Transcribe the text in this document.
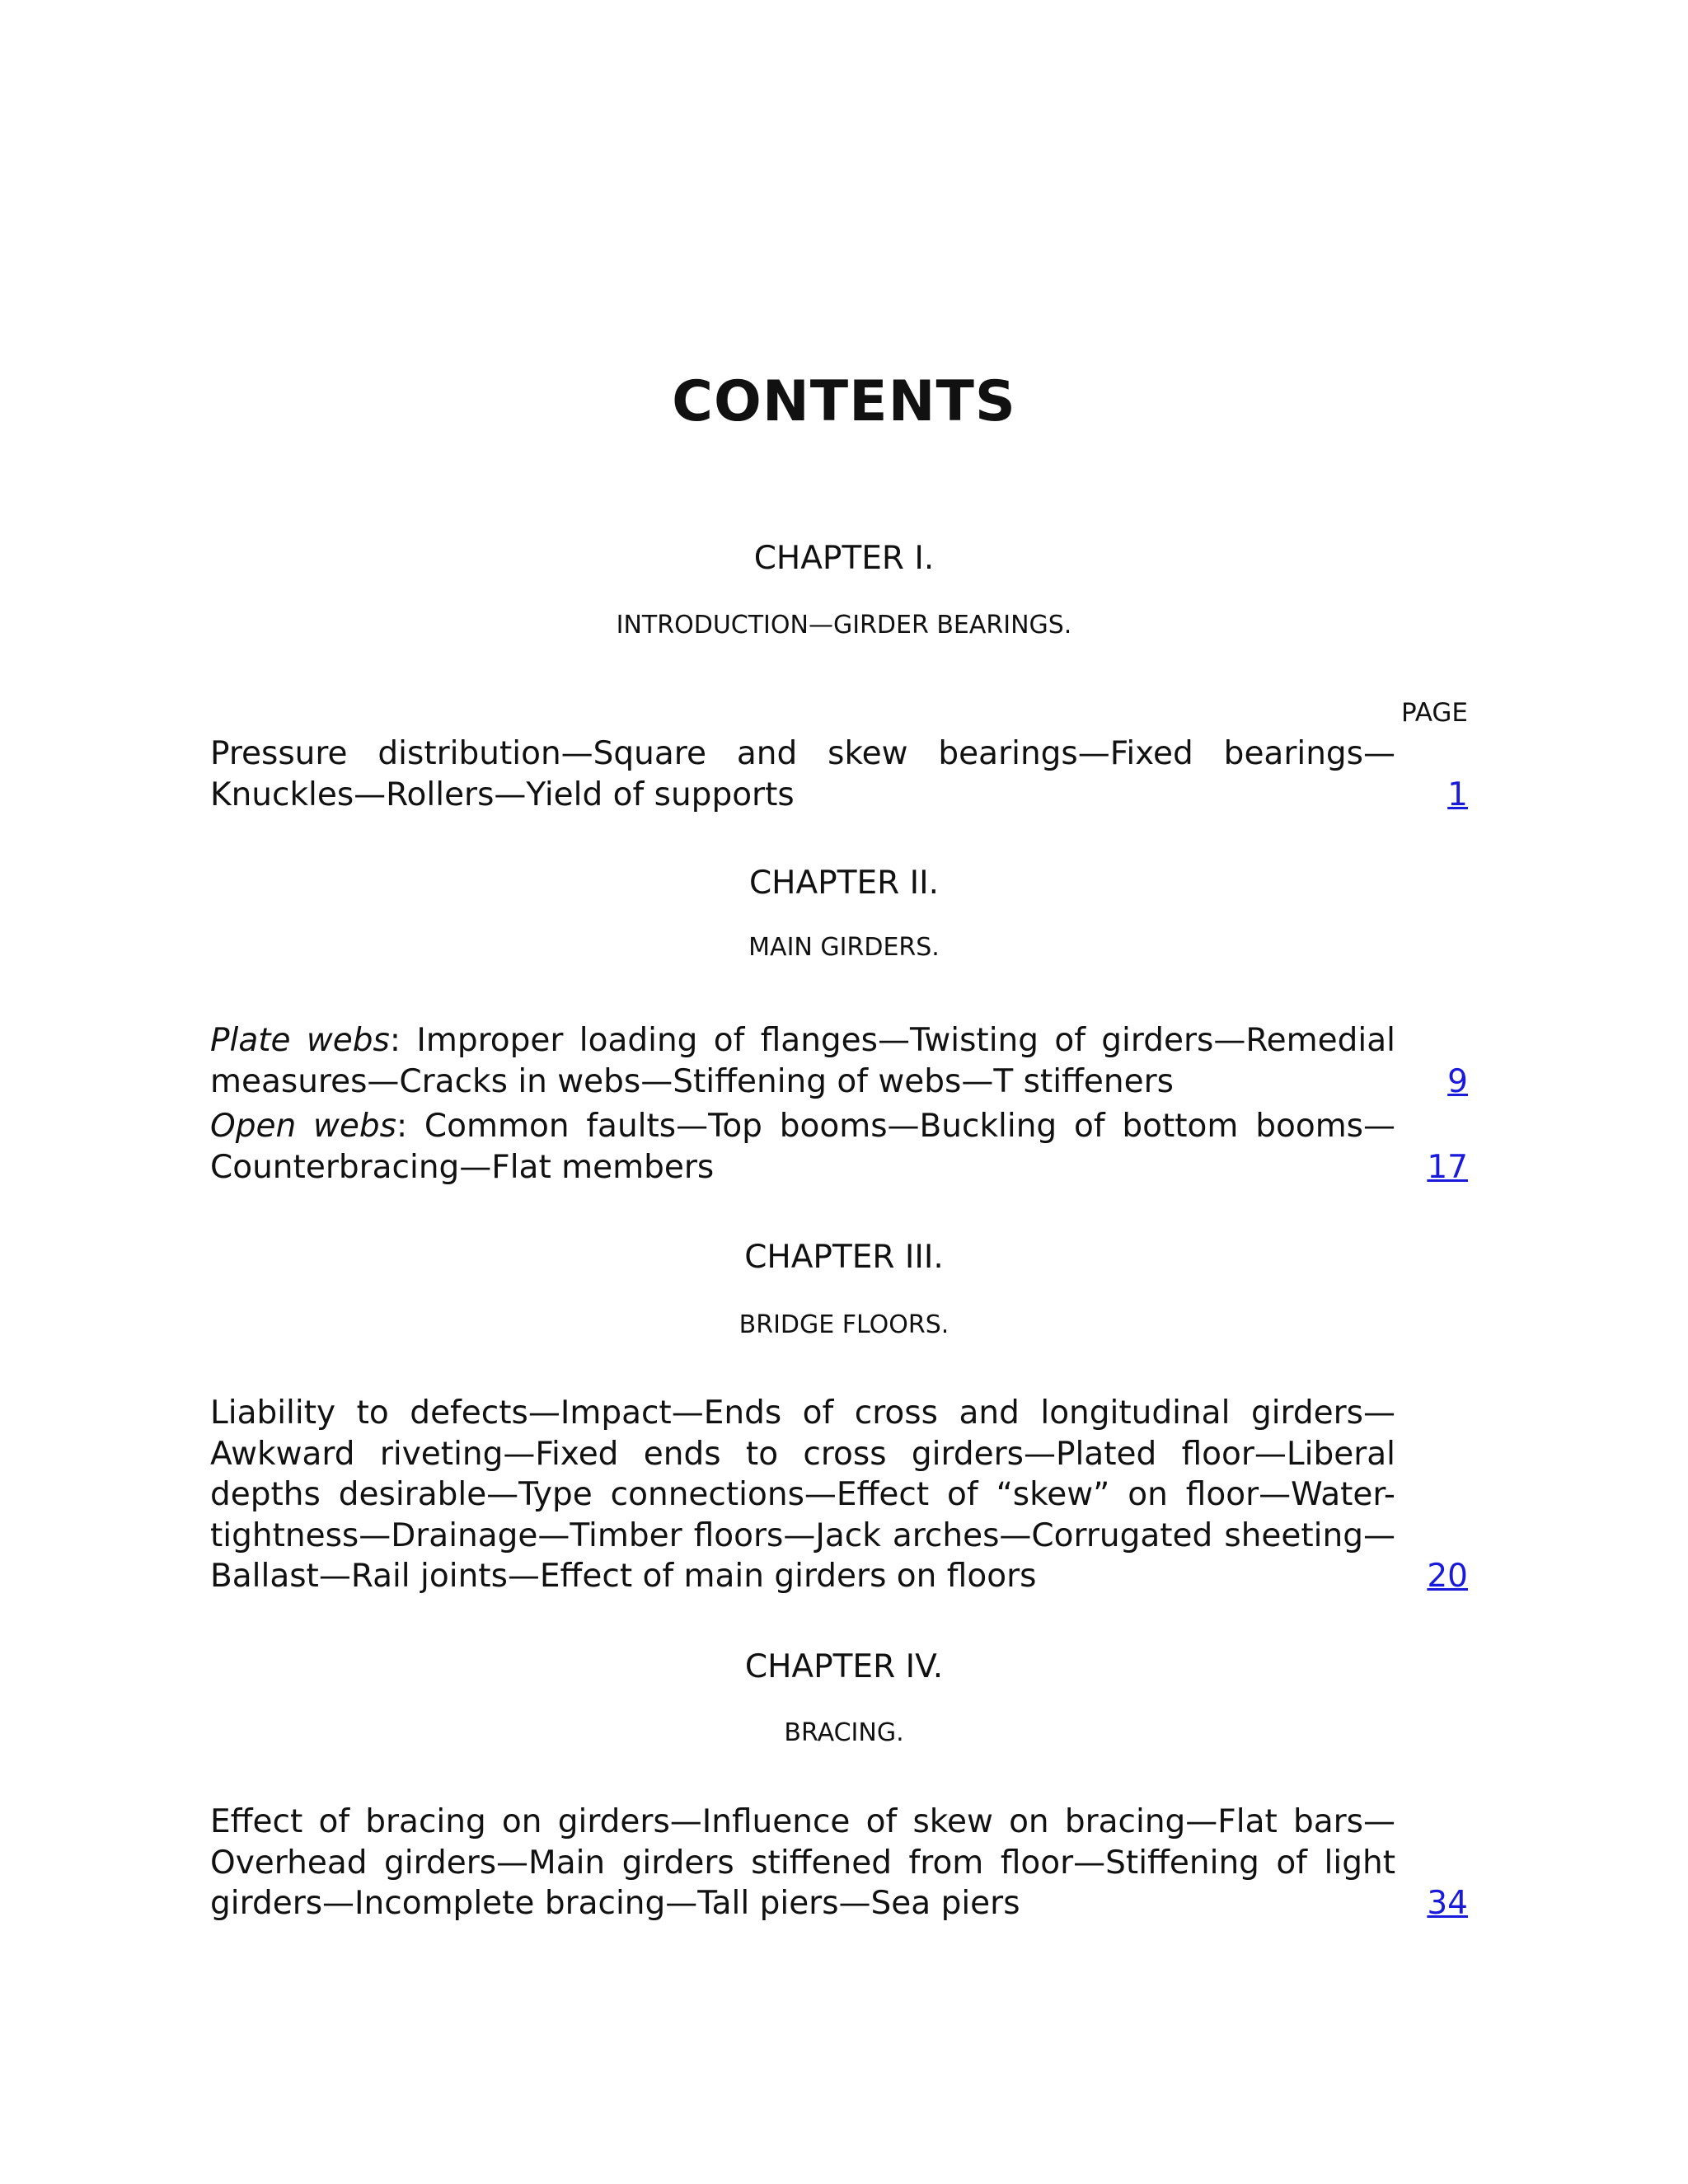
CONTENTS

CHAPTER I.

INTRODUCTION—GIRDER BEARINGS.

PAGE

Pressure distribution—Square and skew bearings—Fixed bearings—Knuckles—Rollers—Yield of supports	1

CHAPTER II.

MAIN GIRDERS.

Plate webs: Improper loading of flanges—Twisting of girders—Remedial measures—Cracks in webs—Stiffening of webs—T stiffeners	9

Open webs: Common faults—Top booms—Buckling of bottom booms—Counterbracing—Flat members	17

CHAPTER III.

BRIDGE FLOORS.

Liability to defects—Impact—Ends of cross and longitudinal girders—Awkward riveting—Fixed ends to cross girders—Plated floor—Liberal depths desirable—Type connections—Effect of “skew” on floor—Water-tightness—Drainage—Timber floors—Jack arches—Corrugated sheeting—Ballast—Rail joints—Effect of main girders on floors	20

CHAPTER IV.

BRACING.

Effect of bracing on girders—Influence of skew on bracing—Flat bars—Overhead girders—Main girders stiffened from floor—Stiffening of light girders—Incomplete bracing—Tall piers—Sea piers	34
